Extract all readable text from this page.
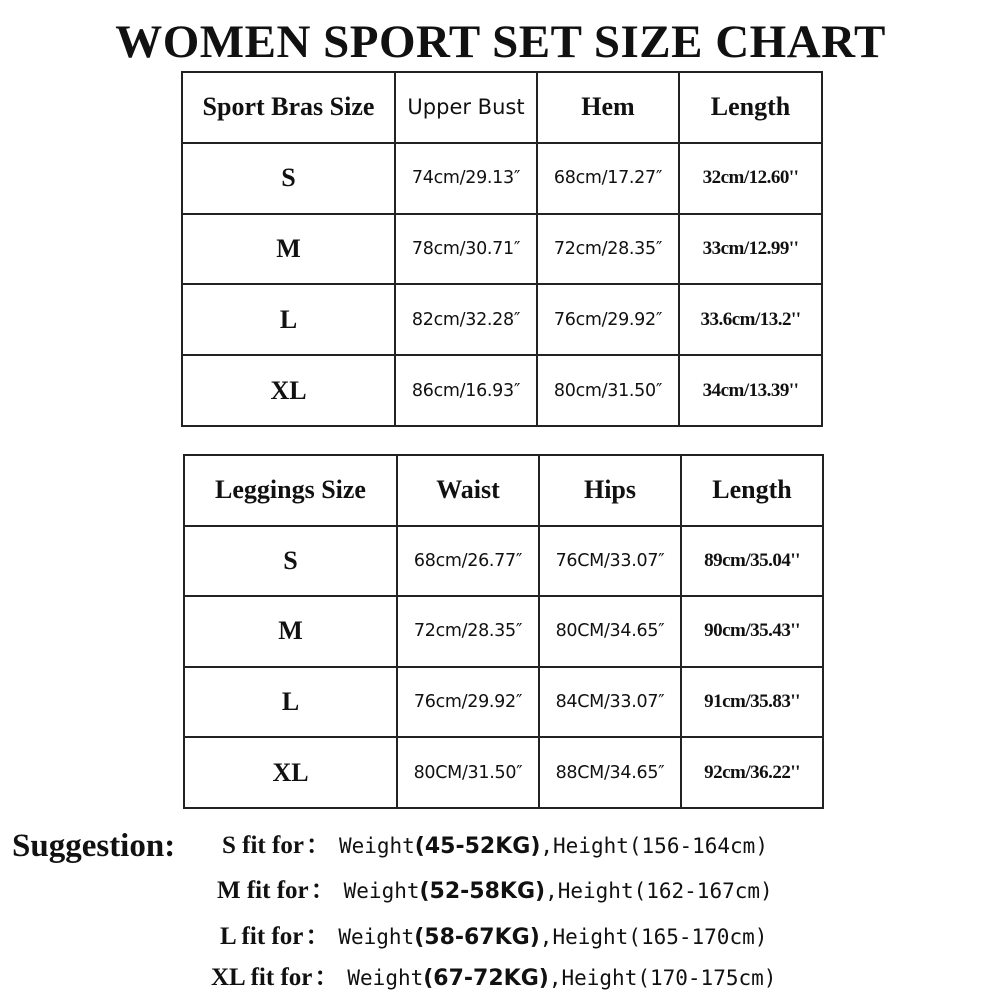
WOMEN SPORT SET SIZE CHART
Sport Bras Size	Upper Bust	Hem	Length
S	74cm/29.13″	68cm/17.27″	32cm/12.60''
M	78cm/30.71″	72cm/28.35″	33cm/12.99''
L	82cm/32.28″	76cm/29.92″	33.6cm/13.2''
XL	86cm/16.93″	80cm/31.50″	34cm/13.39''
Leggings Size	Waist	Hips	Length
S	68cm/26.77″	76CM/33.07″	89cm/35.04''
M	72cm/28.35″	80CM/34.65″	90cm/35.43''
L	76cm/29.92″	84CM/33.07″	91cm/35.83''
XL	80CM/31.50″	88CM/34.65″	92cm/36.22''
Suggestion: S fit for： Weight(45-52KG),Height(156-164cm)
M fit for： Weight(52-58KG),Height(162-167cm)
L fit for： Weight(58-67KG),Height(165-170cm)
XL fit for： Weight(67-72KG),Height(170-175cm)
